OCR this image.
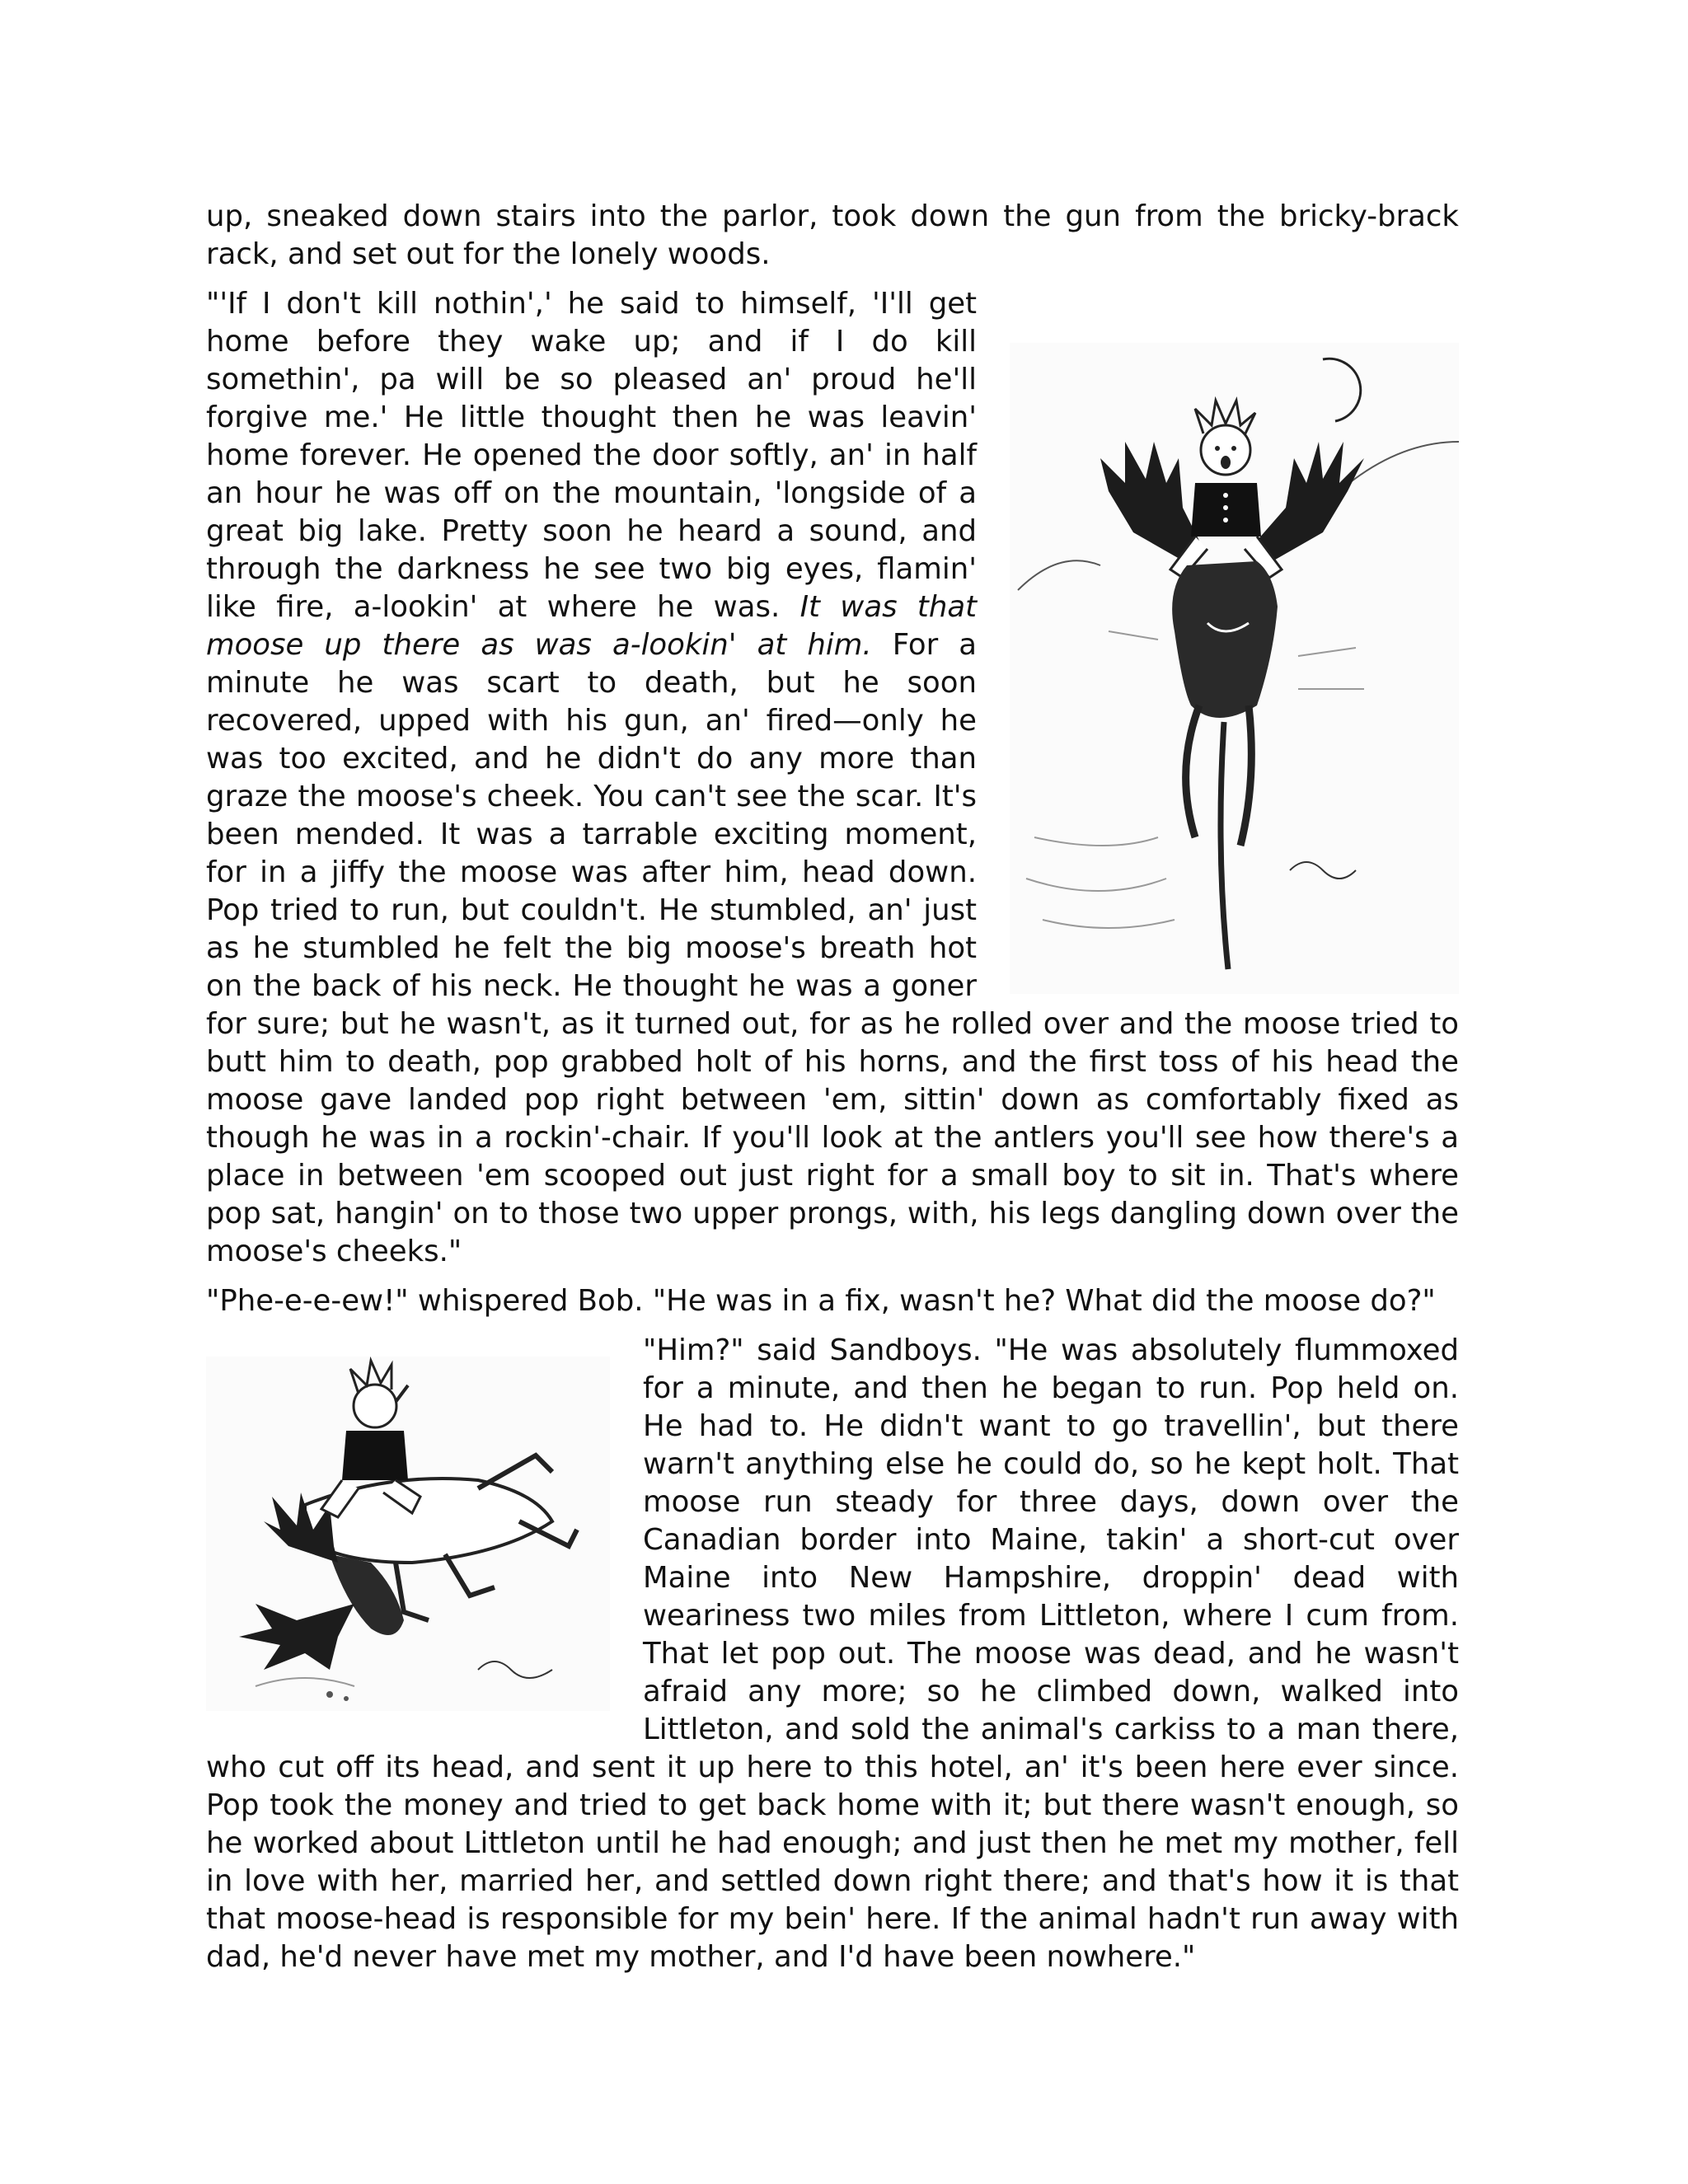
up, sneaked down stairs into the parlor, took down the gun from the bricky-brack rack, and set out for the lonely woods.

"'If I don't kill nothin',' he said to himself, 'I'll get home before they wake up; and if I do kill somethin', pa will be so pleased an' proud he'll forgive me.' He little thought then he was leavin' home forever. He opened the door softly, an' in half an hour he was off on the mountain, 'longside of a great big lake. Pretty soon he heard a sound, and through the darkness he see two big eyes, flamin' like fire, a-lookin' at where he was. It was that moose up there as was a-lookin' at him. For a minute he was scart to death, but he soon recovered, upped with his gun, an' fired—only he was too excited, and he didn't do any more than graze the moose's cheek. You can't see the scar. It's been mended. It was a tarrable exciting moment, for in a jiffy the moose was after him, head down. Pop tried to run, but couldn't. He stumbled, an' just as he stumbled he felt the big moose's breath hot on the back of his neck. He thought he was a goner for sure; but he wasn't, as it turned out, for as he rolled over and the moose tried to butt him to death, pop grabbed holt of his horns, and the first toss of his head the moose gave landed pop right between 'em, sittin' down as comfortably fixed as though he was in a rockin'-chair. If you'll look at the antlers you'll see how there's a place in between 'em scooped out just right for a small boy to sit in. That's where pop sat, hangin' on to those two upper prongs, with, his legs dangling down over the moose's cheeks."

"Phe-e-e-ew!" whispered Bob. "He was in a fix, wasn't he? What did the moose do?"

"Him?" said Sandboys. "He was absolutely flummoxed for a minute, and then he began to run. Pop held on. He had to. He didn't want to go travellin', but there warn't anything else he could do, so he kept holt. That moose run steady for three days, down over the Canadian border into Maine, takin' a short-cut over Maine into New Hampshire, droppin' dead with weariness two miles from Littleton, where I cum from. That let pop out. The moose was dead, and he wasn't afraid any more; so he climbed down, walked into Littleton, and sold the animal's carkiss to a man there, who cut off its head, and sent it up here to this hotel, an' it's been here ever since. Pop took the money and tried to get back home with it; but there wasn't enough, so he worked about Littleton until he had enough; and just then he met my mother, fell in love with her, married her, and settled down right there; and that's how it is that that moose-head is responsible for my bein' here. If the animal hadn't run away with dad, he'd never have met my mother, and I'd have been nowhere."
